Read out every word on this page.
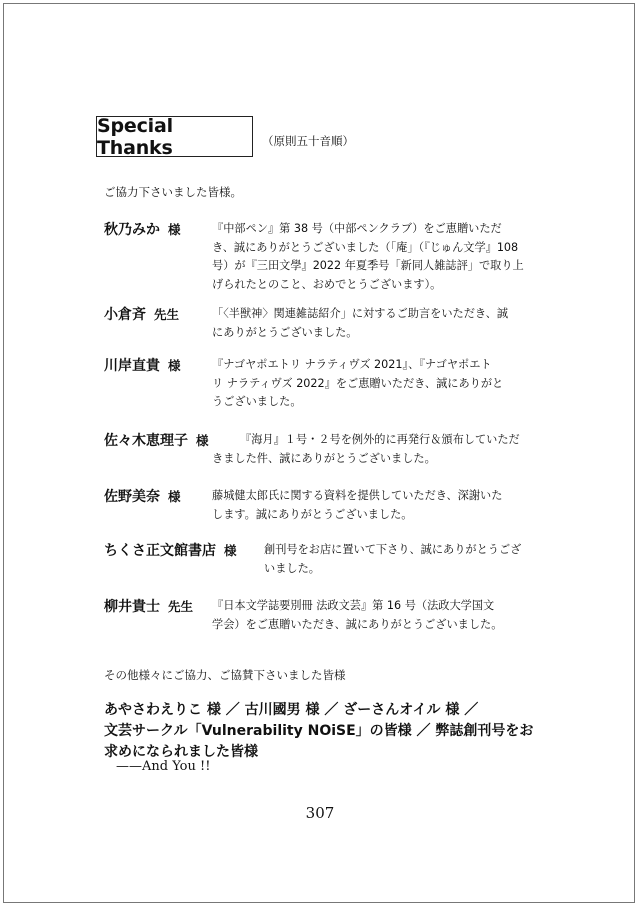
Special Thanks	（原則五十音順）
ご協力下さいました皆様。
秋乃みか 様	『中部ペン』第 38 号（中部ペンクラブ）をご恵贈いただ
き、誠にありがとうございました（「庵」（『じゅん文学』108
号）が『三田文學』2022 年夏季号「新同人雑誌評」で取り上
げられたとのこと、おめでとうございます）。
小倉斉 先生	「〈半獣神〉関連雑誌紹介」に対するご助言をいただき、誠
にありがとうございました。
川岸直貴 様	『ナゴヤポエトリ ナラティヴズ 2021』、『ナゴヤポエト
リ ナラティヴズ 2022』をご恵贈いただき、誠にありがと
うございました。
佐々木恵理子 様	『海月』１号・２号を例外的に再発行＆頒布していただ
きました件、誠にありがとうございました。
佐野美奈 様	藤城健太郎氏に関する資料を提供していただき、深謝いた
します。誠にありがとうございました。
ちくさ正文館書店 様 創刊号をお店に置いて下さり、誠にありがとうござ
いました。
柳井貴士 先生 『日本文学誌要別冊 法政文芸』第 16 号（法政大学国文
学会）をご恵贈いただき、誠にありがとうございました。
その他様々にご協力、ご協賛下さいました皆様
あやさわえりこ 様 ／ 古川國男 様 ／ ざーさんオイル 様 ／
文芸サークル「Vulnerability NOiSE」の皆様 ／ 弊誌創刊号をお
求めになられました皆様
——And You !!
307
